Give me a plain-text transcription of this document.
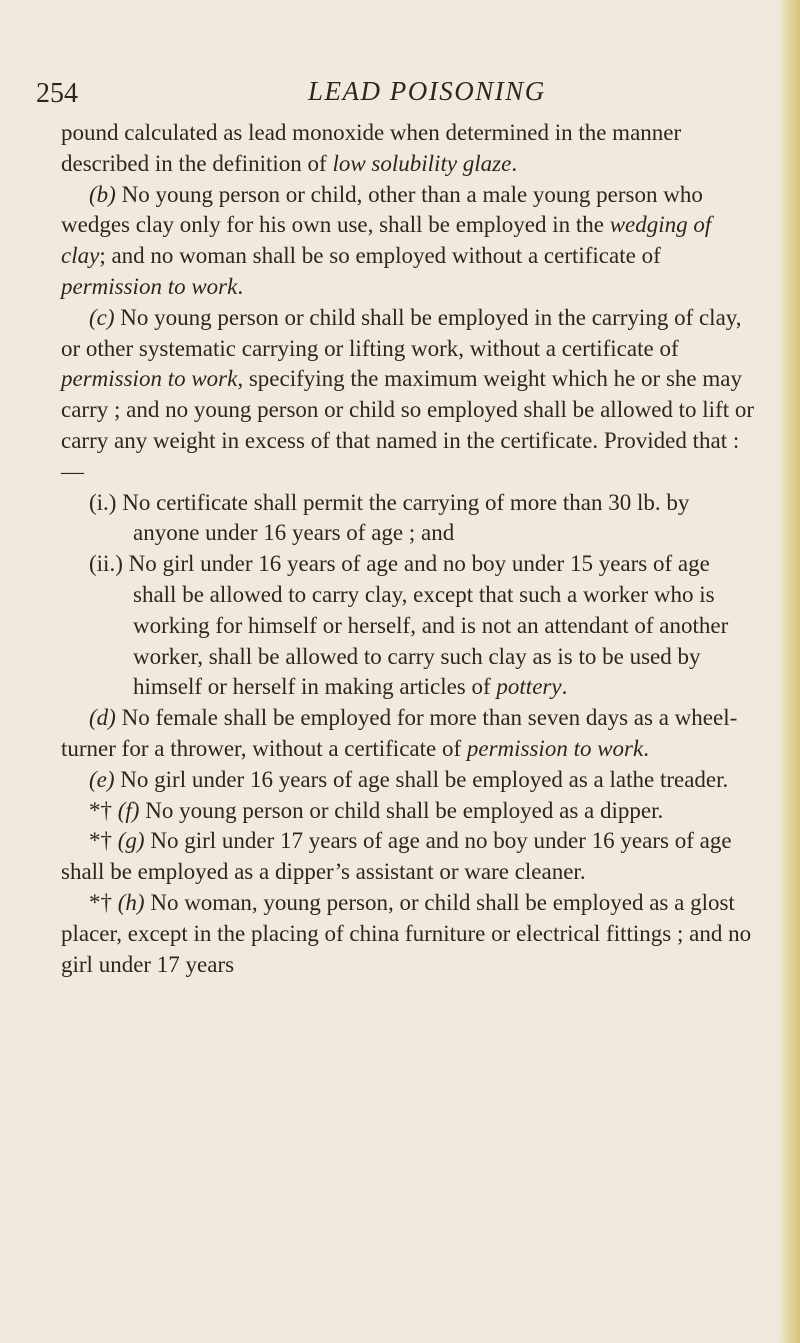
254	LEAD POISONING

pound calculated as lead monoxide when determined in the manner described in the definition of low solubility glaze.

(b) No young person or child, other than a male young person who wedges clay only for his own use, shall be employed in the wedging of clay; and no woman shall be so employed without a certificate of permission to work.

(c) No young person or child shall be employed in the carrying of clay, or other systematic carrying or lifting work, without a certificate of permission to work, specifying the maximum weight which he or she may carry ; and no young person or child so employed shall be allowed to lift or carry any weight in excess of that named in the certificate. Provided that :—

(i.) No certificate shall permit the carrying of more than 30 lb. by anyone under 16 years of age ; and

(ii.) No girl under 16 years of age and no boy under 15 years of age shall be allowed to carry clay, except that such a worker who is working for himself or herself, and is not an attendant of another worker, shall be allowed to carry such clay as is to be used by himself or herself in making articles of pottery.

(d) No female shall be employed for more than seven days as a wheel-turner for a thrower, without a certificate of permission to work.

(e) No girl under 16 years of age shall be employed as a lathe treader.

*† (f) No young person or child shall be employed as a dipper.

*† (g) No girl under 17 years of age and no boy under 16 years of age shall be employed as a dipper’s assistant or ware cleaner.

*† (h) No woman, young person, or child shall be employed as a glost placer, except in the placing of china furniture or electrical fittings ; and no girl under 17 years
